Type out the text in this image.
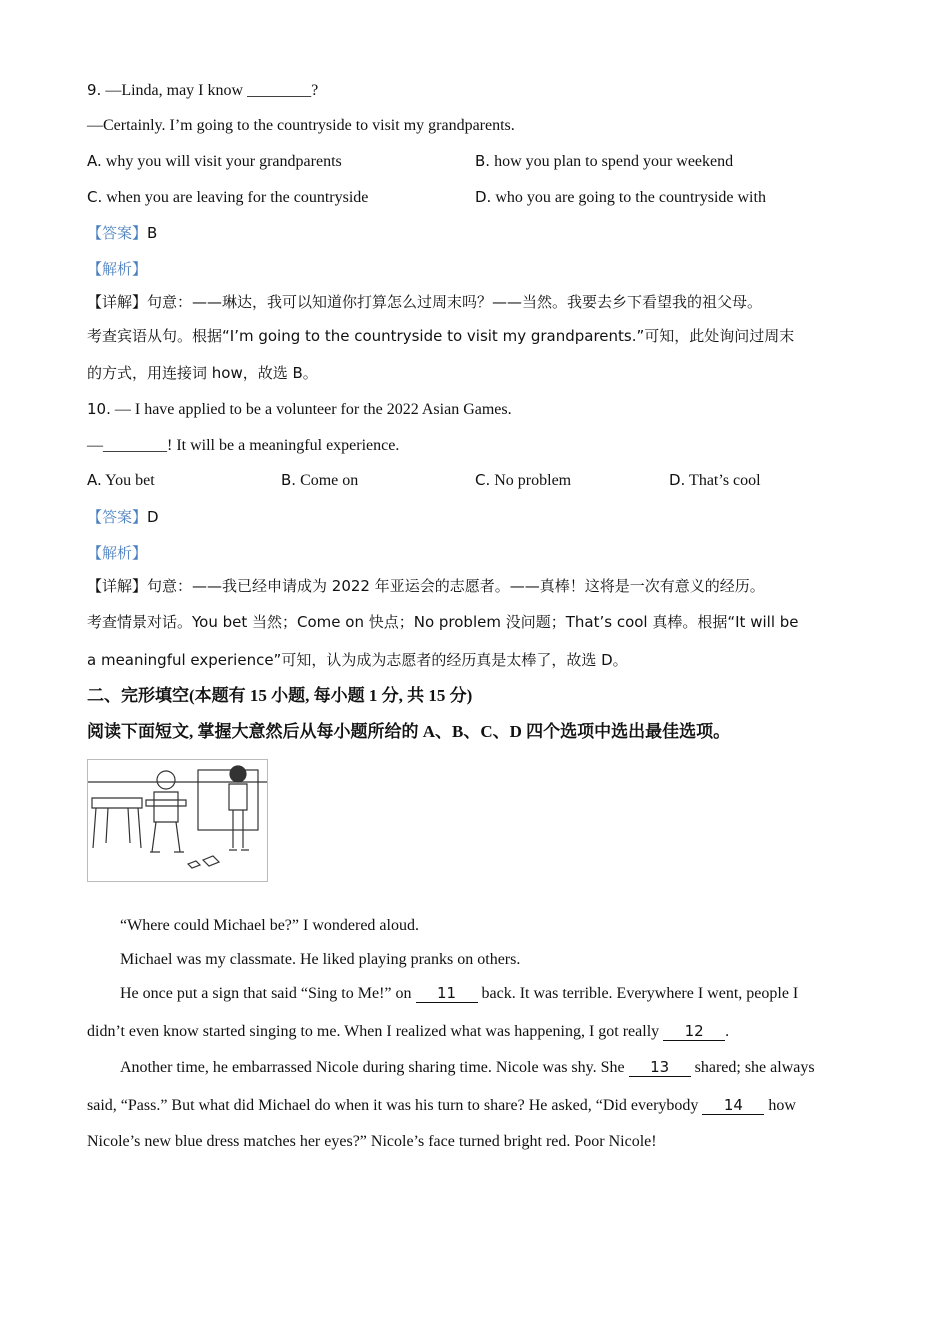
9. —Linda, may I know ________?
—Certainly. I’m going to the countryside to visit my grandparents.
A. why you will visit your grandparents	B. how you plan to spend your weekend
C. when you are leaving for the countryside	D. who you are going to the countryside with
【答案】B
【解析】
【详解】句意：——琳达，我可以知道你打算怎么过周末吗？——当然。我要去乡下看望我的祖父母。
考查宾语从句。根据“I’m going to the countryside to visit my grandparents.”可知，此处询问过周末
的方式，用连接词 how，故选 B。
10. — I have applied to be a volunteer for the 2022 Asian Games.
—________! It will be a meaningful experience.
A. You bet	B. Come on	C. No problem	D. That’s cool
【答案】D
【解析】
【详解】句意：——我已经申请成为 2022 年亚运会的志愿者。——真棒！这将是一次有意义的经历。
考查情景对话。You bet 当然；Come on 快点；No problem 没问题；That’s cool 真棒。根据“It will be
a meaningful experience”可知，认为成为志愿者的经历真是太棒了，故选 D。
二、完形填空(本题有 15 小题, 每小题 1 分, 共 15 分)
阅读下面短文, 掌握大意然后从每小题所给的 A、B、C、D 四个选项中选出最佳选项。
“Where could Michael be?” I wondered aloud.
Michael was my classmate. He liked playing pranks on others.
He once put a sign that said “Sing to Me!” on 11 back. It was terrible. Everywhere I went, people I
didn’t even know started singing to me. When I realized what was happening, I got really 12 .
Another time, he embarrassed Nicole during sharing time. Nicole was shy. She 13 shared; she always
said, “Pass.” But what did Michael do when it was his turn to share? He asked, “Did everybody 14 how
Nicole’s new blue dress matches her eyes?” Nicole’s face turned bright red. Poor Nicole!
